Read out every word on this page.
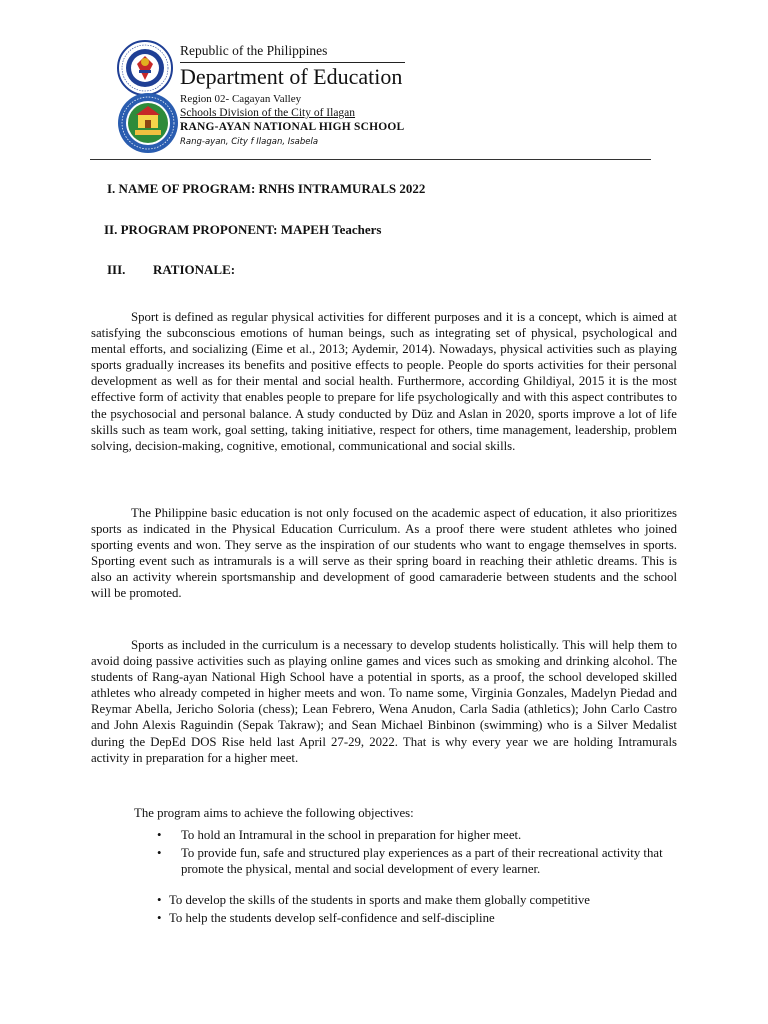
Republic of the Philippines
Department of Education
Region 02- Cagayan Valley
Schools Division of the City of Ilagan
RANG-AYAN NATIONAL HIGH SCHOOL
Rang-ayan, City f Ilagan, Isabela
I. NAME OF PROGRAM: RNHS INTRAMURALS 2022
II. PROGRAM PROPONENT: MAPEH Teachers
III. RATIONALE:
Sport is defined as regular physical activities for different purposes and it is a concept, which is aimed at satisfying the subconscious emotions of human beings, such as integrating set of physical, psychological and mental efforts, and socializing (Eime et al., 2013; Aydemir, 2014). Nowadays, physical activities such as playing sports gradually increases its benefits and positive effects to people. People do sports activities for their personal development as well as for their mental and social health. Furthermore, according Ghildiyal, 2015 it is the most effective form of activity that enables people to prepare for life psychologically and with this aspect contributes to the psychosocial and personal balance. A study conducted by Düz and Aslan in 2020, sports improve a lot of life skills such as team work, goal setting, taking initiative, respect for others, time management, leadership, problem solving, decision-making, cognitive, emotional, communicational and social skills.
The Philippine basic education is not only focused on the academic aspect of education, it also prioritizes sports as indicated in the Physical Education Curriculum. As a proof there were student athletes who joined sporting events and won. They serve as the inspiration of our students who want to engage themselves in sports. Sporting event such as intramurals is a will serve as their spring board in reaching their athletic dreams. This is also an activity wherein sportsmanship and development of good camaraderie between students and the school will be promoted.
Sports as included in the curriculum is a necessary to develop students holistically. This will help them to avoid doing passive activities such as playing online games and vices such as smoking and drinking alcohol. The students of Rang-ayan National High School have a potential in sports, as a proof, the school developed skilled athletes who already competed in higher meets and won. To name some, Virginia Gonzales, Madelyn Piedad and Reymar Abella, Jericho Soloria (chess); Lean Febrero, Wena Anudon, Carla Sadia (athletics); John Carlo Castro and John Alexis Raguindin (Sepak Takraw); and Sean Michael Binbinon (swimming) who is a Silver Medalist during the DepEd DOS Rise held last April 27-29, 2022. That is why every year we are holding Intramurals activity in preparation for a higher meet.
The program aims to achieve the following objectives:
•	To hold an Intramural in the school in preparation for higher meet.
•	To provide fun, safe and structured play experiences as a part of their recreational activity that promote the physical, mental and social development of every learner.
• To develop the skills of the students in sports and make them globally competitive
• To help the students develop self-confidence and self-discipline
